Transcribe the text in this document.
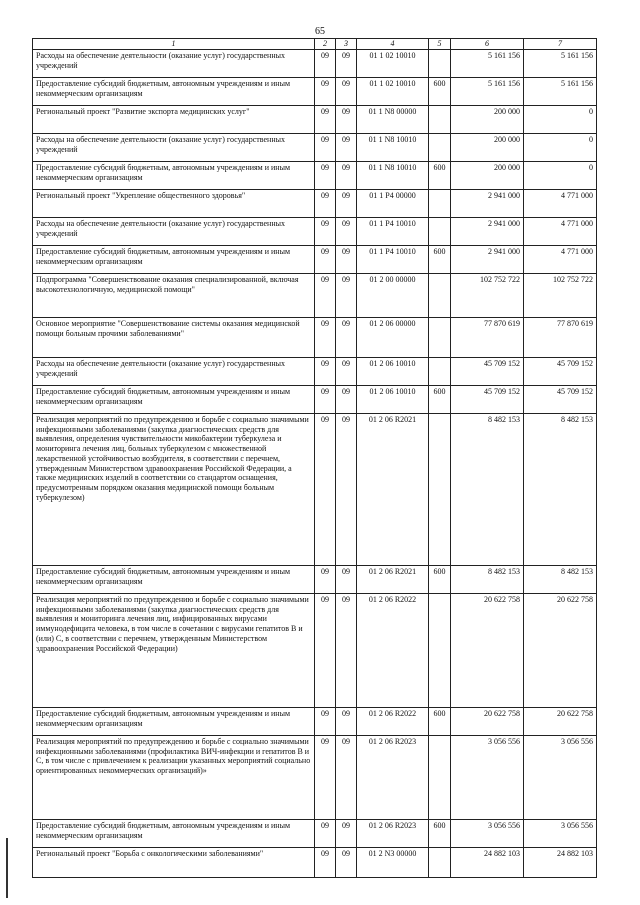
65
1	2	3	4	5	6	7
Расходы на обеспечение деятельности (оказание услуг) государственных учреждений	09	09	01 1 02 10010		5 161 156	5 161 156
Предоставление субсидий бюджетным, автономным учреждениям и иным некоммерческим организациям	09	09	01 1 02 10010	600	5 161 156	5 161 156
Региональный проект "Развитие экспорта медицинских услуг"	09	09	01 1 N8 00000		200 000	0
Расходы на обеспечение деятельности (оказание услуг) государственных учреждений	09	09	01 1 N8 10010		200 000	0
Предоставление субсидий бюджетным, автономным учреждениям и иным некоммерческим организациям	09	09	01 1 N8 10010	600	200 000	0
Региональный проект "Укрепление общественного здоровья"	09	09	01 1 P4 00000		2 941 000	4 771 000
Расходы на обеспечение деятельности (оказание услуг) государственных учреждений	09	09	01 1 P4 10010		2 941 000	4 771 000
Предоставление субсидий бюджетным, автономным учреждениям и иным некоммерческим организациям	09	09	01 1 P4 10010	600	2 941 000	4 771 000
Подпрограмма "Совершенствование оказания специализированной, включая высокотехнологичную, медицинской помощи"	09	09	01 2 00 00000		102 752 722	102 752 722
Основное мероприятие "Совершенствование системы оказания медицинской помощи больным прочими заболеваниями"	09	09	01 2 06 00000		77 870 619	77 870 619
Расходы на обеспечение деятельности (оказание услуг) государственных учреждений	09	09	01 2 06 10010		45 709 152	45 709 152
Предоставление субсидий бюджетным, автономным учреждениям и иным некоммерческим организациям	09	09	01 2 06 10010	600	45 709 152	45 709 152
Реализация мероприятий по предупреждению и борьбе с социально значимыми инфекционными заболеваниями (закупка диагностических средств для выявления, определения чувствительности микобактерии туберкулеза и мониторинга лечения лиц, больных туберкулезом с множественной лекарственной устойчивостью возбудителя, в соответствии с перечнем, утвержденным Министерством здравоохранения Российской Федерации, а также медицинских изделий в соответствии со стандартом оснащения, предусмотренным порядком оказания медицинской помощи больным туберкулезом)	09	09	01 2 06 R2021		8 482 153	8 482 153
Предоставление субсидий бюджетным, автономным учреждениям и иным некоммерческим организациям	09	09	01 2 06 R2021	600	8 482 153	8 482 153
Реализация мероприятий по предупреждению и борьбе с социально значимыми инфекционными заболеваниями (закупка диагностических средств для выявления и мониторинга лечения лиц, инфицированных вирусами иммунодефицита человека, в том числе в сочетании с вирусами гепатитов В и (или) С, в соответствии с перечнем, утвержденным Министерством здравоохранения Российской Федерации)	09	09	01 2 06 R2022		20 622 758	20 622 758
Предоставление субсидий бюджетным, автономным учреждениям и иным некоммерческим организациям	09	09	01 2 06 R2022	600	20 622 758	20 622 758
Реализация мероприятий по предупреждению и борьбе с социально значимыми инфекционными заболеваниями (профилактика ВИЧ-инфекции и гепатитов В и С, в том числе с привлечением к реализации указанных мероприятий социально ориентированных некоммерческих организаций)»	09	09	01 2 06 R2023		3 056 556	3 056 556
Предоставление субсидий бюджетным, автономным учреждениям и иным некоммерческим организациям	09	09	01 2 06 R2023	600	3 056 556	3 056 556
Региональный проект "Борьба с онкологическими заболеваниями"	09	09	01 2 N3 00000		24 882 103	24 882 103
